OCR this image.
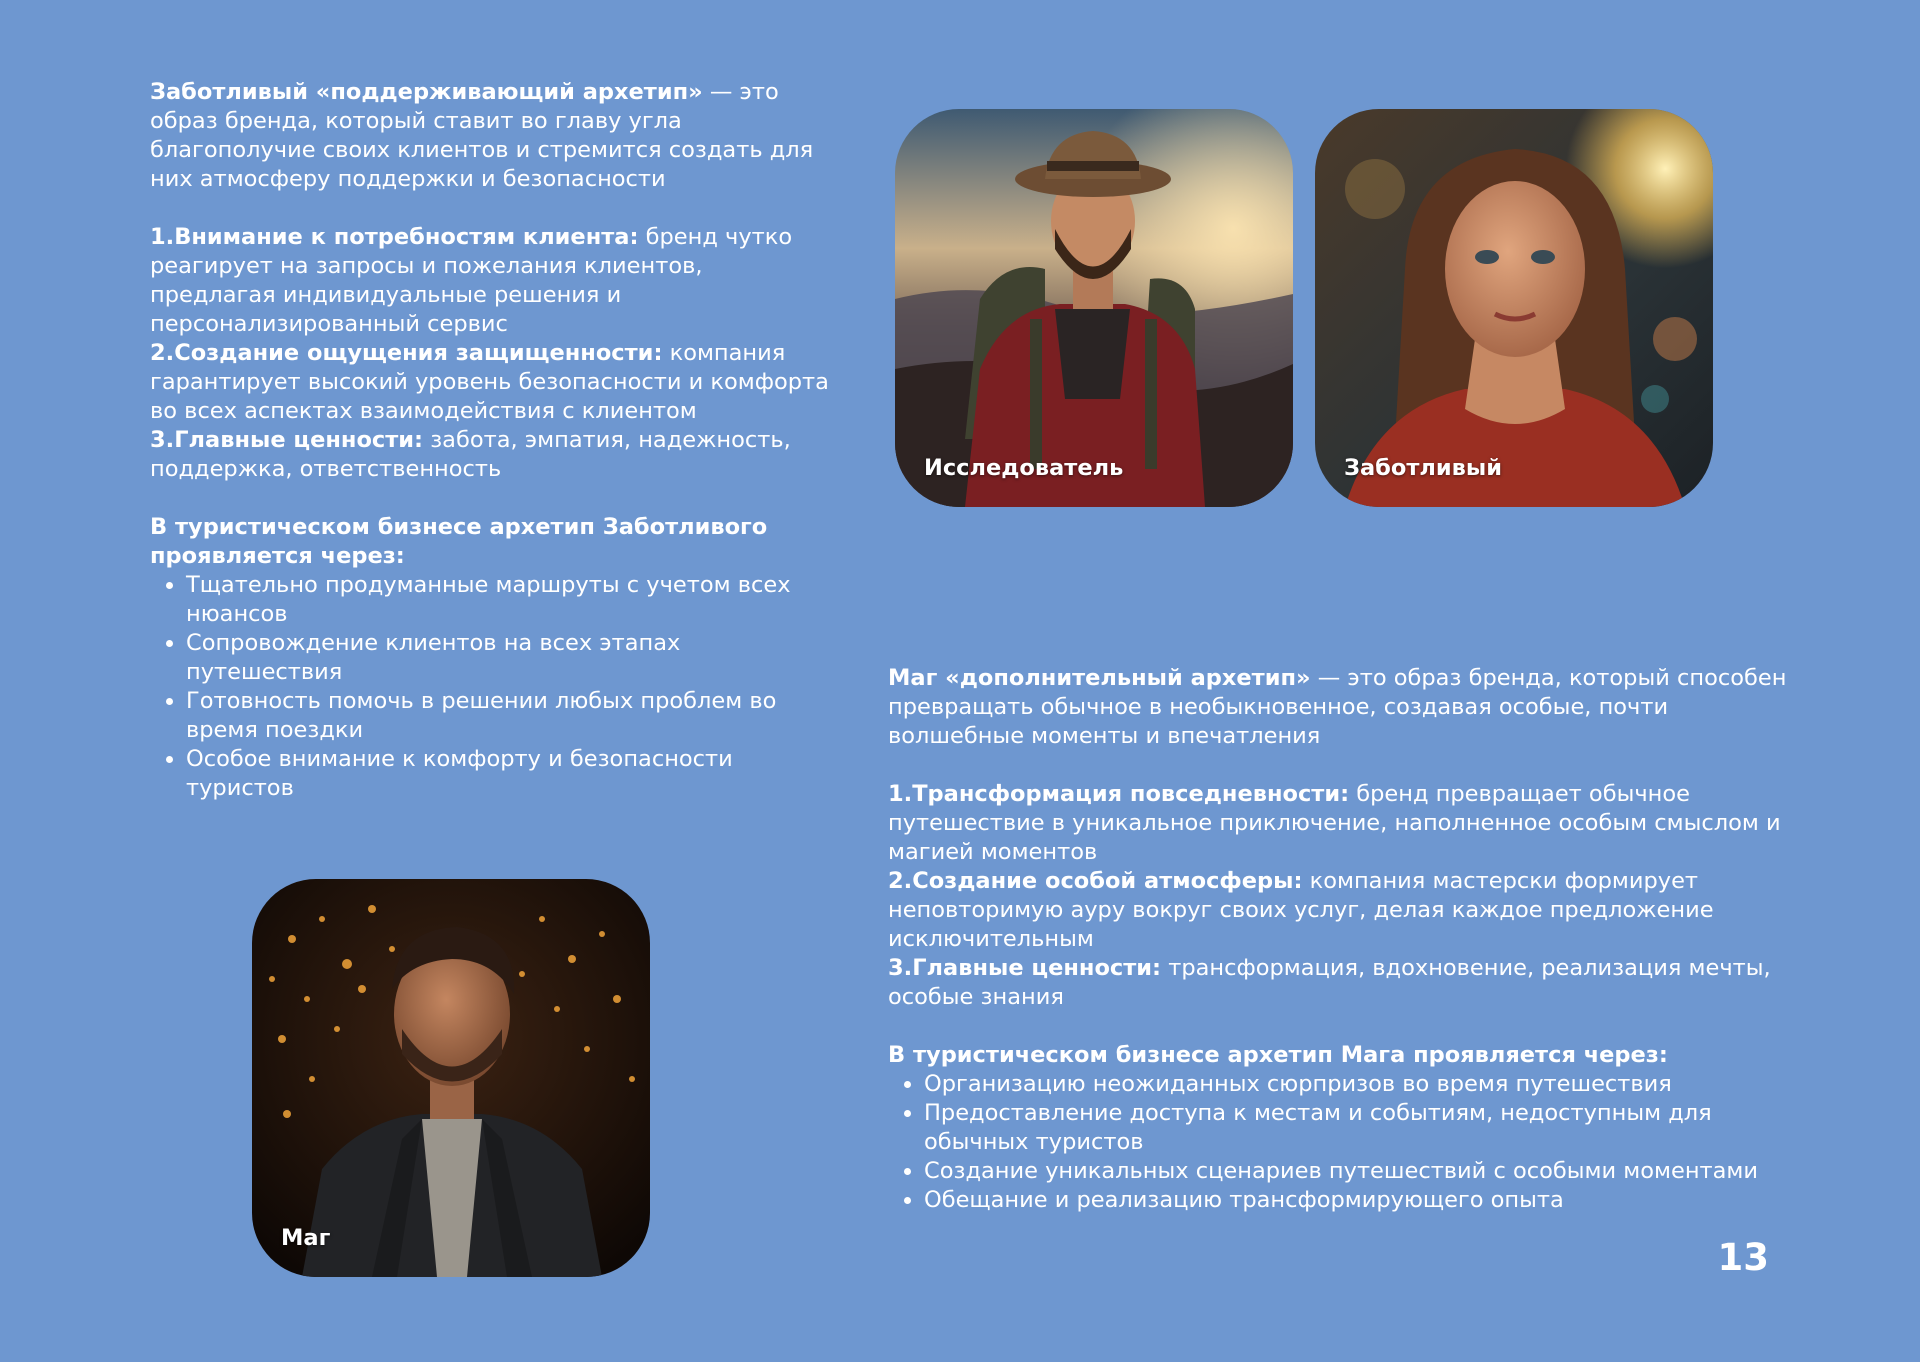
Заботливый «поддерживающий архетип» — это образ бренда, который ставит во главу угла благополучие своих клиентов и стремится создать для них атмосферу поддержки и безопасности

1.Внимание к потребностям клиента: бренд чутко реагирует на запросы и пожелания клиентов, предлагая индивидуальные решения и персонализированный сервис

2.Создание ощущения защищенности: компания гарантирует высокий уровень безопасности и комфорта во всех аспектах взаимодействия с клиентом

3.Главные ценности: забота, эмпатия, надежность, поддержка, ответственность

В туристическом бизнесе архетип Заботливого проявляется через:

• Тщательно продуманные маршруты с учетом всех нюансов
• Сопровождение клиентов на всех этапах путешествия
• Готовность помочь в решении любых проблем во время поездки
• Особое внимание к комфорту и безопасности туристов

Маг «дополнительный архетип» — это образ бренда, который способен превращать обычное в необыкновенное, создавая особые, почти волшебные моменты и впечатления

1.Трансформация повседневности: бренд превращает обычное путешествие в уникальное приключение, наполненное особым смыслом и магией моментов

2.Создание особой атмосферы: компания мастерски формирует неповторимую ауру вокруг своих услуг, делая каждое предложение исключительным

3.Главные ценности: трансформация, вдохновение, реализация мечты, особые знания

В туристическом бизнесе архетип Мага проявляется через:

• Организацию неожиданных сюрпризов во время путешествия
• Предоставление доступа к местам и событиям, недоступным для обычных туристов
• Создание уникальных сценариев путешествий с особыми моментами
• Обещание и реализацию трансформирующего опыта
Исследователь	Заботливый
Маг	13
